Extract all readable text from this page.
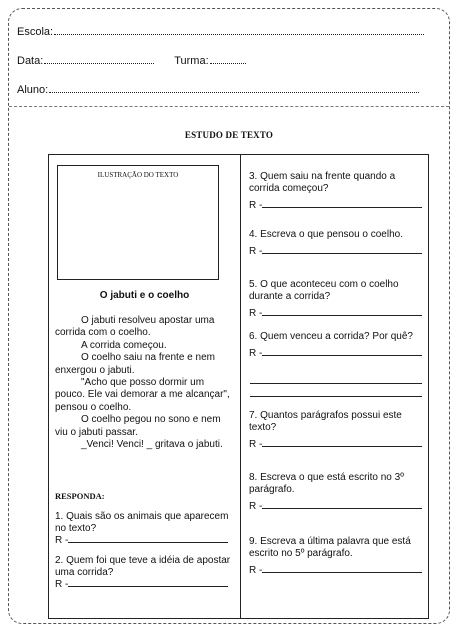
Escola:
Data:	Turma:
Aluno:
ESTUDO DE TEXTO
ILUSTRAÇÃO DO TEXTO
O jabuti e o coelho

O jabuti resolveu apostar uma corrida com o coelho.

A corrida começou.

O coelho saiu na frente e nem enxergou o jabuti.

"Acho que posso dormir um pouco. Ele vai demorar a me alcançar", pensou o coelho.

O coelho pegou no sono e nem viu o jabuti passar.

_Venci! Venci! _ gritava o jabuti.

RESPONDA:
1. Quais são os animais que aparecem no texto?
R -
2. Quem foi que teve a idéia de apostar uma corrida?
R -
3. Quem saiu na frente quando a corrida começou?
R -
4. Escreva o que pensou o coelho.
R -
5. O que aconteceu com o coelho durante a corrida?
R -
6. Quem venceu a corrida? Por quê?
R -
7. Quantos parágrafos possui este texto?
R -
8. Escreva o que está escrito no 3º parágrafo.
R -
9. Escreva a última palavra que está escrito no 5º parágrafo.
R -
